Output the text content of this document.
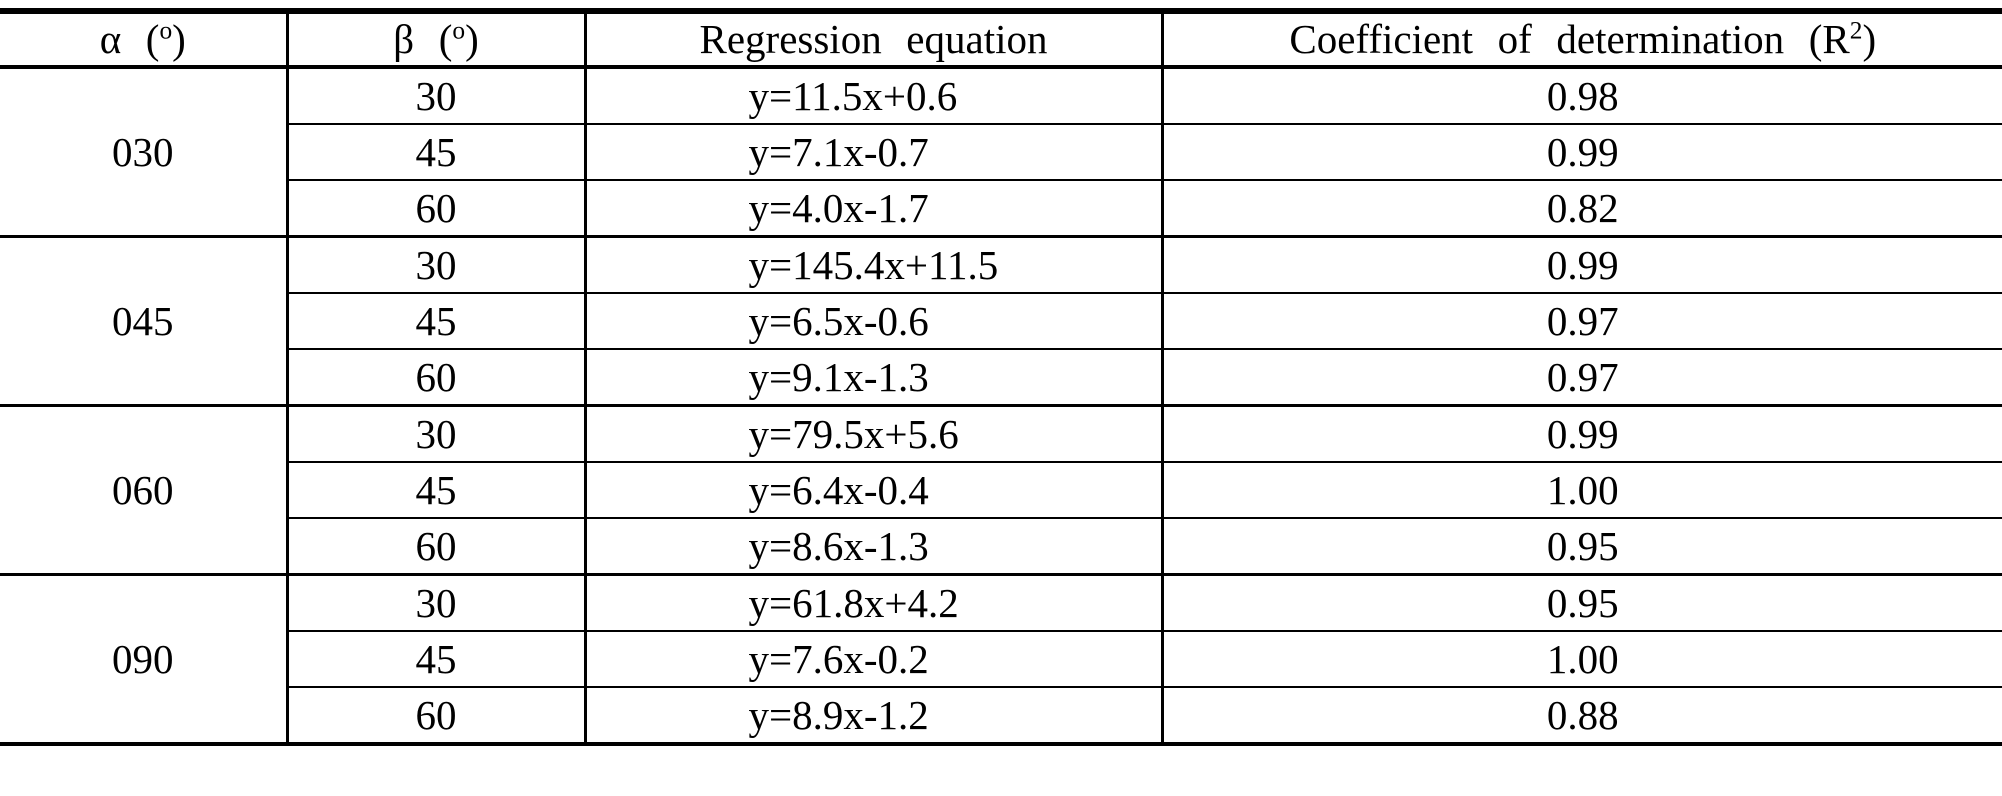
α ($^o$)	β ($^o$)	Regression equation	Coefficient of determination $(R^2)$
030	30	y=11.5x+0.6	0.98
	45	y=7.1x-0.7	0.99
	60	y=4.0x-1.7	0.82
045	30	y=145.4x+11.5	0.99
	45	y=6.5x-0.6	0.97
	60	y=9.1x-1.3	0.97
060	30	y=79.5x+5.6	0.99
	45	y=6.4x-0.4	1.00
	60	y=8.6x-1.3	0.95
090	30	y=61.8x+4.2	0.95
	45	y=7.6x-0.2	1.00
	60	y=8.9x-1.2	0.88
